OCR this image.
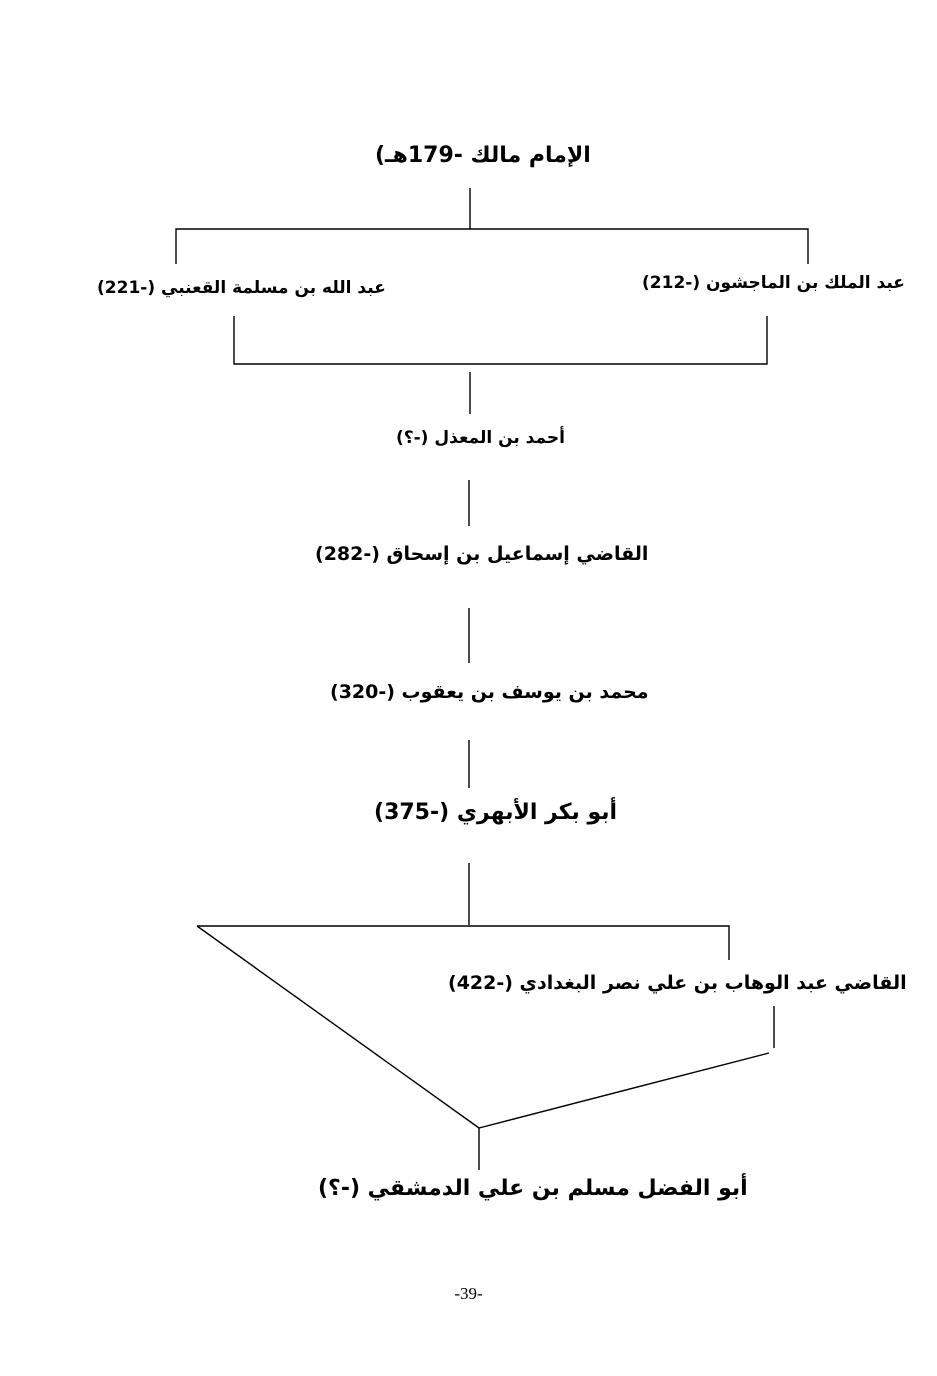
الإمام مالك -179هـ)
عبد الله بن مسلمة القعنبي (-221)	عبد الملك بن الماجشون (-212)
أحمد بن المعذل (-؟)
القاضي إسماعيل بن إسحاق (-282)
محمد بن يوسف بن يعقوب (-320)
أبو بكر الأبهري (-375)
القاضي عبد الوهاب بن علي نصر البغدادي (-422)
أبو الفضل مسلم بن علي الدمشقي (-؟)
-39-
